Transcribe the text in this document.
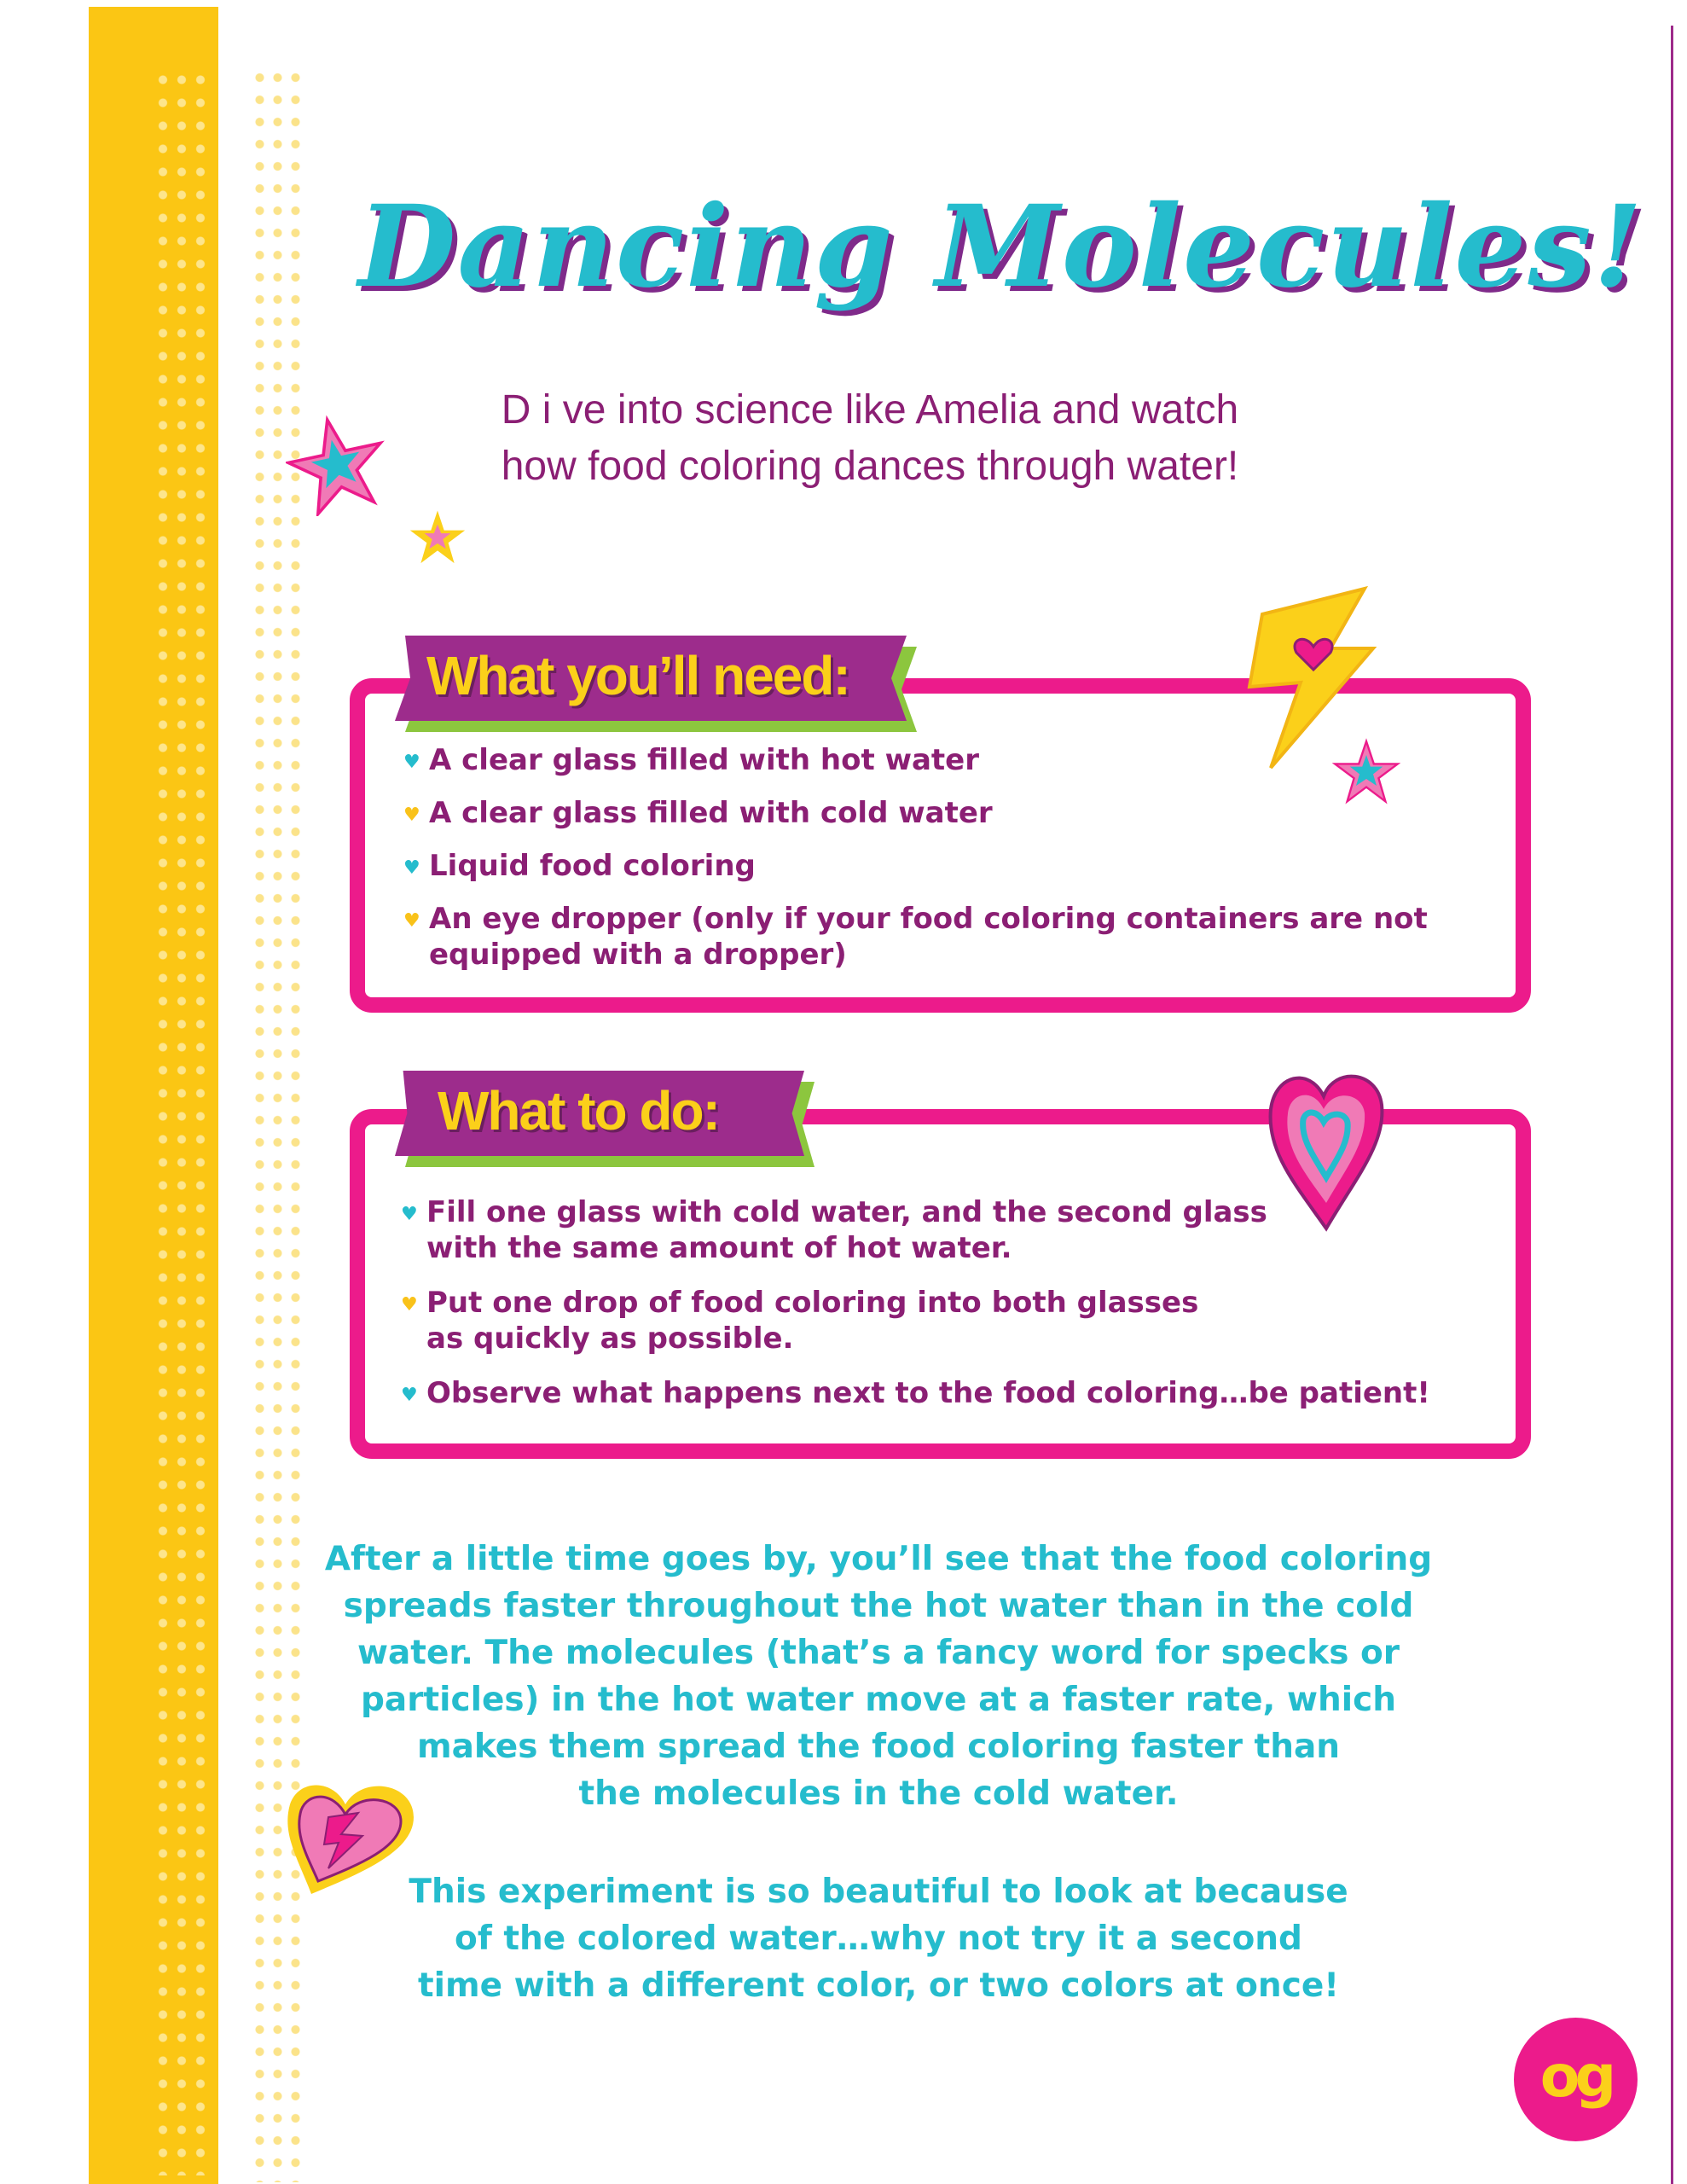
Dancing Molecules!
D i ve into science like Amelia and watch
how food coloring dances through water!
What you’ll need:
♥ A clear glass filled with hot water
♥ A clear glass filled with cold water
♥ Liquid food coloring
♥ An eye dropper (only if your food coloring containers are not
equipped with a dropper)
What to do:
♥ Fill one glass with cold water, and the second glass
with the same amount of hot water.
♥ Put one drop of food coloring into both glasses
as quickly as possible.
♥ Observe what happens next to the food coloring…be patient!
After a little time goes by, you’ll see that the food coloring
spreads faster throughout the hot water than in the cold
water. The molecules (that’s a fancy word for specks or
particles) in the hot water move at a faster rate, which
makes them spread the food coloring faster than
the molecules in the cold water.
This experiment is so beautiful to look at because
of the colored water…why not try it a second
time with a different color, or two colors at once!
og
